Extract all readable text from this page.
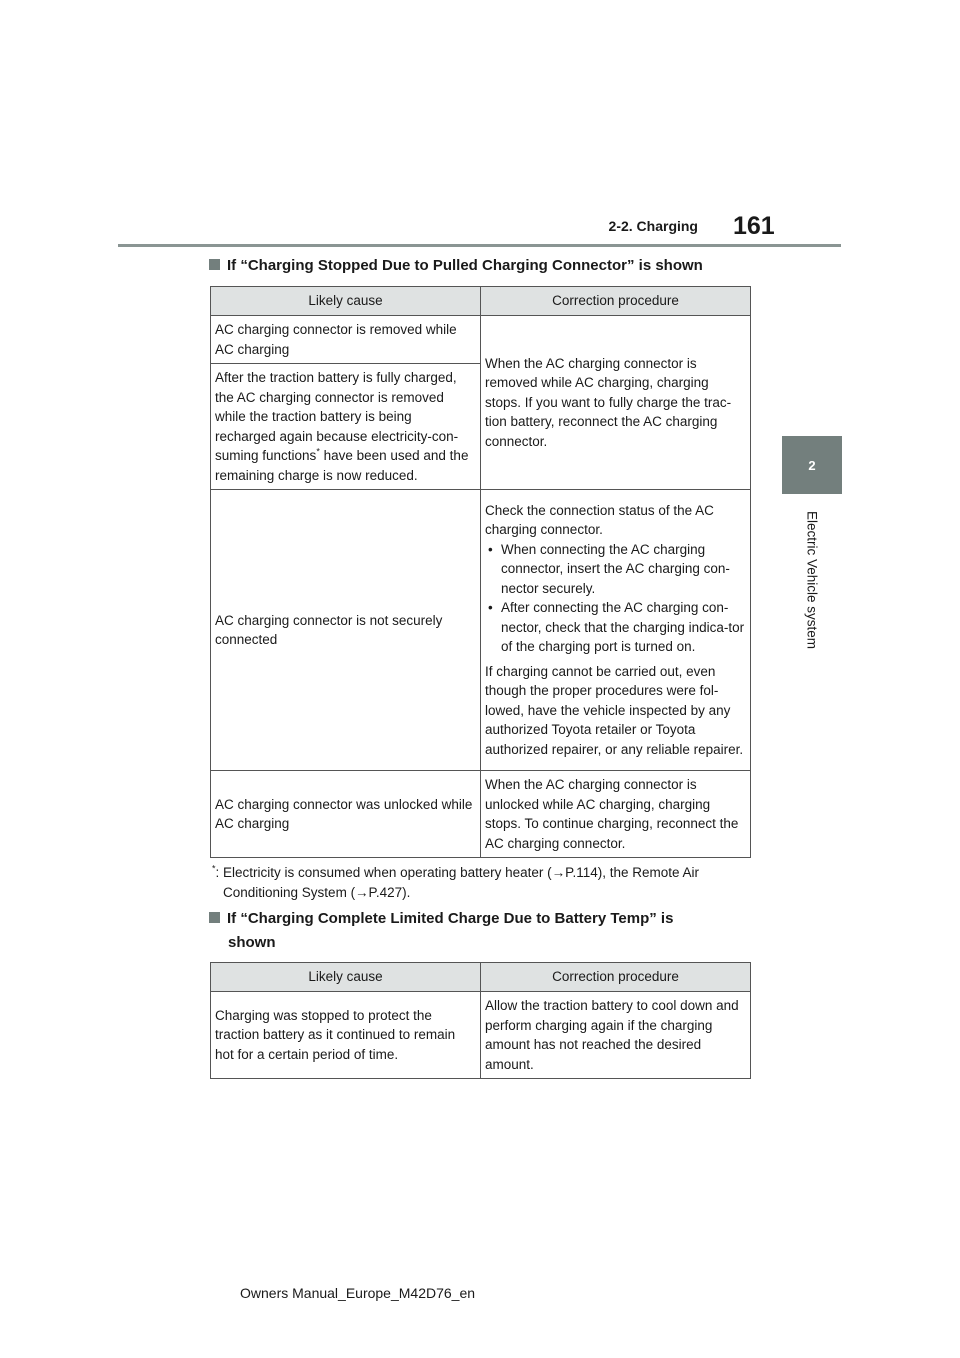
2-2. Charging 161
2
Electric Vehicle system
If “Charging Stopped Due to Pulled Charging Connector” is shown
Likely cause	Correction procedure
AC charging connector is removed while AC charging	When the AC charging connector is removed while AC charging, charging stops. If you want to fully charge the trac-tion battery, reconnect the AC charging connector.
After the traction battery is fully charged, the AC charging connector is removed while the traction battery is being recharged again because electricity-con-suming functions* have been used and the remaining charge is now reduced.	
AC charging connector is not securely connected	Check the connection status of the AC charging connector.
• When connecting the AC charging connector, insert the AC charging con-nector securely.
• After connecting the AC charging con-nector, check that the charging indica-tor of the charging port is turned on.

If charging cannot be carried out, even though the proper procedures were fol-lowed, have the vehicle inspected by any authorized Toyota retailer or Toyota authorized repairer, or any reliable repairer.

AC charging connector was unlocked while AC charging	When the AC charging connector is unlocked while AC charging, charging stops. To continue charging, reconnect the AC charging connector.
*: Electricity is consumed when operating battery heater (→P.114), the Remote Air
Conditioning System (→P.427).
If “Charging Complete Limited Charge Due to Battery Temp” is
shown
Likely cause	Correction procedure
Charging was stopped to protect the traction battery as it continued to remain hot for a certain period of time.	Allow the traction battery to cool down and perform charging again if the charging amount has not reached the desired amount.
Owners Manual_Europe_M42D76_en
